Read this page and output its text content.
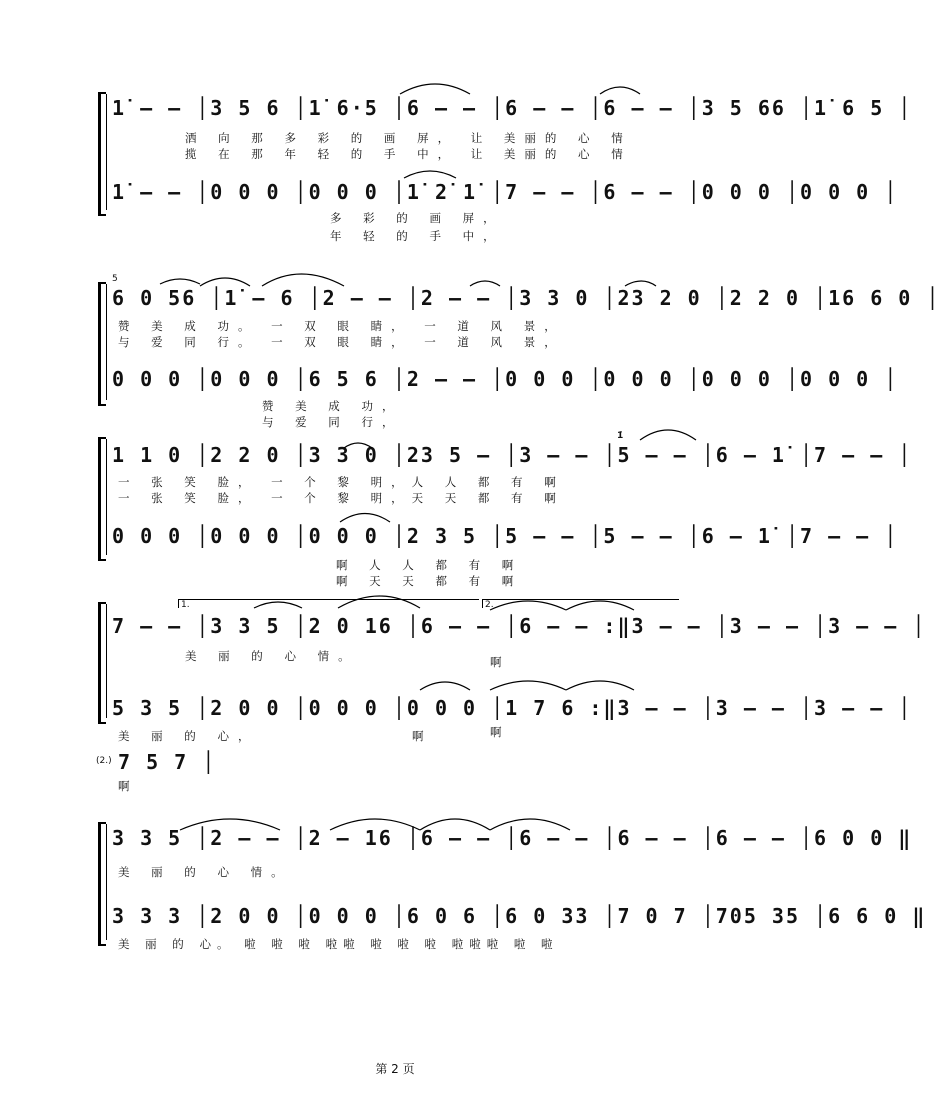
1̇ ‒ ‒ │3 5 6 │1̇ 6·5 │6 ‒ ‒ │6 ‒ ‒ │6 ‒ ‒ │3 5 66 │1̇ 6 5 │
洒 向 那 多 彩 的 画 屏， 让 美丽的 心 情
揽 在 那 年 轻 的 手 中， 让 美丽的 心 情
1̇ ‒ ‒ │0 0 0 │0 0 0 │1̇ 2̇ 1̇ │7 ‒ ‒ │6 ‒ ‒ │0 0 0 │0 0 0 │
多 彩 的 画 屏，
年 轻 的 手 中，
5
6 0 56 │1̇ ‒ 6 │2 ‒ ‒ │2 ‒ ‒ │3 3 0 │23 2 0 │2 2 0 │16 6 0 │
赞 美 成 功。 一 双 眼 睛， 一 道 风 景，
与 爱 同 行。 一 双 眼 睛， 一 道 风 景，
0 0 0 │0 0 0 │6 5 6 │2 ‒ ‒ │0 0 0 │0 0 0 │0 0 0 │0 0 0 │
赞 美 成 功，
与 爱 同 行，
1̇
1 1 0 │2 2 0 │3 3 0 │23 5 ‒ │3 ‒ ‒ │5 ‒ ‒ │6 ‒ 1̇ │7 ‒ ‒ │
一 张 笑 脸， 一 个 黎 明，人 人 都 有 啊
一 张 笑 脸， 一 个 黎 明，天 天 都 有 啊
0 0 0 │0 0 0 │0 0 0 │2 3 5 │5 ‒ ‒ │5 ‒ ‒ │6 ‒ 1̇ │7 ‒ ‒ │
啊 人 人 都 有 啊
啊 天 天 都 有 啊
1.	2.
7 ‒ ‒ │3 3 5 │2 0 16 │6 ‒ ‒ │6 ‒ ‒ :‖3 ‒ ‒ │3 ‒ ‒ │3 ‒ ‒ │
美 丽 的 心 情。	啊
5 3 5 │2 0 0 │0 0 0 │0 0 0 │1 7 6 :‖3 ‒ ‒ │3 ‒ ‒ │3 ‒ ‒ │
美 丽 的 心，	啊	啊
(2.) 7 5 7 │
啊
3 3 5 │2 ‒ ‒ │2 ‒ 16 │6 ‒ ‒ │6 ‒ ‒ │6 ‒ ‒ │6 ‒ ‒ │6 0 0 ‖
美 丽 的 心 情。
3 3 3 │2 0 0 │0 0 0 │6 0 6 │6 0 33 │7 0 7 │705 35 │6 6 0 ‖
美 丽 的 心。 啦 啦 啦 啦啦 啦 啦 啦 啦啦啦 啦 啦
第 2 页
